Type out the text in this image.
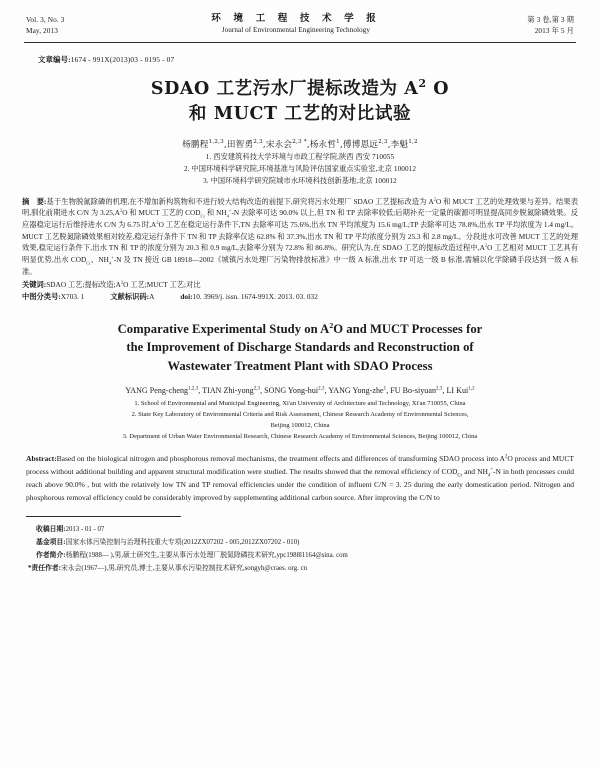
Vol. 3, No. 3
May, 2013
环 境 工 程 技 术 学 报
Journal of Environmental Engineering Technology
第 3 卷,第 3 期
2013 年 5 月
文章编号:1674 - 991X(2013)03 - 0195 - 07
SDAO 工艺污水厂提标改造为 $A^2$ O
和 MUCT 工艺的对比试验
杨鹏程$^{1,2,3}$,田智勇$^{2,3}$,宋永会$^{2,3 *}$,杨永哲$^1$,傅博恩远$^{2,3}$,李魁$^{1,2}$
1. 西安建筑科技大学环境与市政工程学院,陕西 西安 710055
2. 中国环境科学研究院,环境基准与风险评估国家重点实验室,北京 100012
3. 中国环境科学研究院城市水环境科技创新基地,北京 100012

摘　要:基于生物脱氮除磷的机理,在不增加新构筑物和不进行较大结构改造的前提下,研究将污水处理厂 SDAO 工艺提标改造为 $A^2O$ 和 MUCT 工艺的处理效果与差异。结果表明,驯化前期进水 C/N 为 $3.25,A^2O$ 和 MUCT 工艺的 $COD_{Cr}$ 和 $NH_4^+-N$ 去除率可达 90.0% 以上,但 TN 和 TP 去除率较低;后期补充一定量的碳源可明显提高同步脱氮除磷效果。反应器稳定运行后维持进水 C/N 为 6.75 时$,A^2O$ 工艺在稳定运行条件下,TN 去除率可达 75.6%,出水 TN 平均浓度为 15.6 mg/L;TP 去除率可达 78.8%,出水 TP 平均浓度为 1.4 mg/L。MUCT 工艺脱氮除磷效果相对较差,稳定运行条件下 TN 和 TP 去除率仅达 62.8% 和 37.3%,出水 TN 和 TP 平均浓度分别为 25.3 和 2.8 mg/L。分段进水可改善 MUCT 工艺的处理效果,稳定运行条件下,出水 TN 和 TP 的浓度分别为 20.3 和 0.9 mg/L,去除率分别为 72.8% 和 86.8%。研究认为,在 SDAO 工艺的提标改造过程中$,A^2O$ 工艺相对 MUCT 工艺具有明显优势,出水 $COD_{Cr}$、$NH_4^+-N$ 及 TN 接近 GB 18918—2002《城镇污水处理厂污染物排放标准》中一级 A 标准,出水 TP 可达一级 B 标准,需辅以化学除磷手段达到一级 A 标准。

关键词:SDAO 工艺;提标改造$;A^2O$ 工艺;MUCT 工艺;对比
中图分类号:X703. 1	文献标识码:A	doi:10. 3969/j. issn. 1674-991X. 2013. 03. 032
Comparative Experimental Study on $A^2O$ and MUCT Processes for
the Improvement of Discharge Standards and Reconstruction of
Wastewater Treatment Plant with SDAO Process
YANG Peng-cheng$^{1,2,3}$, TIAN Zhi-yong$^{2,3}$, SONG Yong-hui$^{2,3}$, YANG Yong-zhe$^1$, FU Bo-siyuan$^{2,3}$, LI Kui$^{1,2}$
1. School of Environmental and Municipal Engineering, Xi'an University of Architecture and Technology, Xi'an 710055, China
2. State Key Laboratory of Environmental Criteria and Risk Assessment, Chinese Research Academy of Environmental Sciences,
Beijing 100012, China
3. Department of Urban Water Environmental Research, Chinese Research Academy of Environmental Sciences, Beijing 100012, China
Abstract:Based on the biological nitrogen and phosphorous removal mechanisms, the treatment effects and differences of transforming SDAO process into $A^2O$ process and MUCT process without additional building and apparent structural modification were studied. The results showed that the removal efficiency of $COD_{Cr}$ and $NH_4^+-N$ in both processes could reach above 90.0% , but with the relatively low TN and TP removal efficiencies under the condition of influent C/N = 3. 25 during the early domestication period. Nitrogen and phosphorous removal efficiency could be considerably improved by supplementing additional carbon source. After improving the C/N to
收稿日期:2013 - 01 - 07
基金项目:国家水体污染控制与治理科技重大专项(2012ZX07202 - 005,2012ZX07202 - 010)
作者简介:杨鹏程(1988— ),男,硕士研究生,主要从事污水处理厂脱氮除磷技术研究,ypc1988l1164@sina. com
*责任作者:宋永会(1967—),男,研究员,博士,主要从事水污染控制技术研究,songyh@craes. org. cn
